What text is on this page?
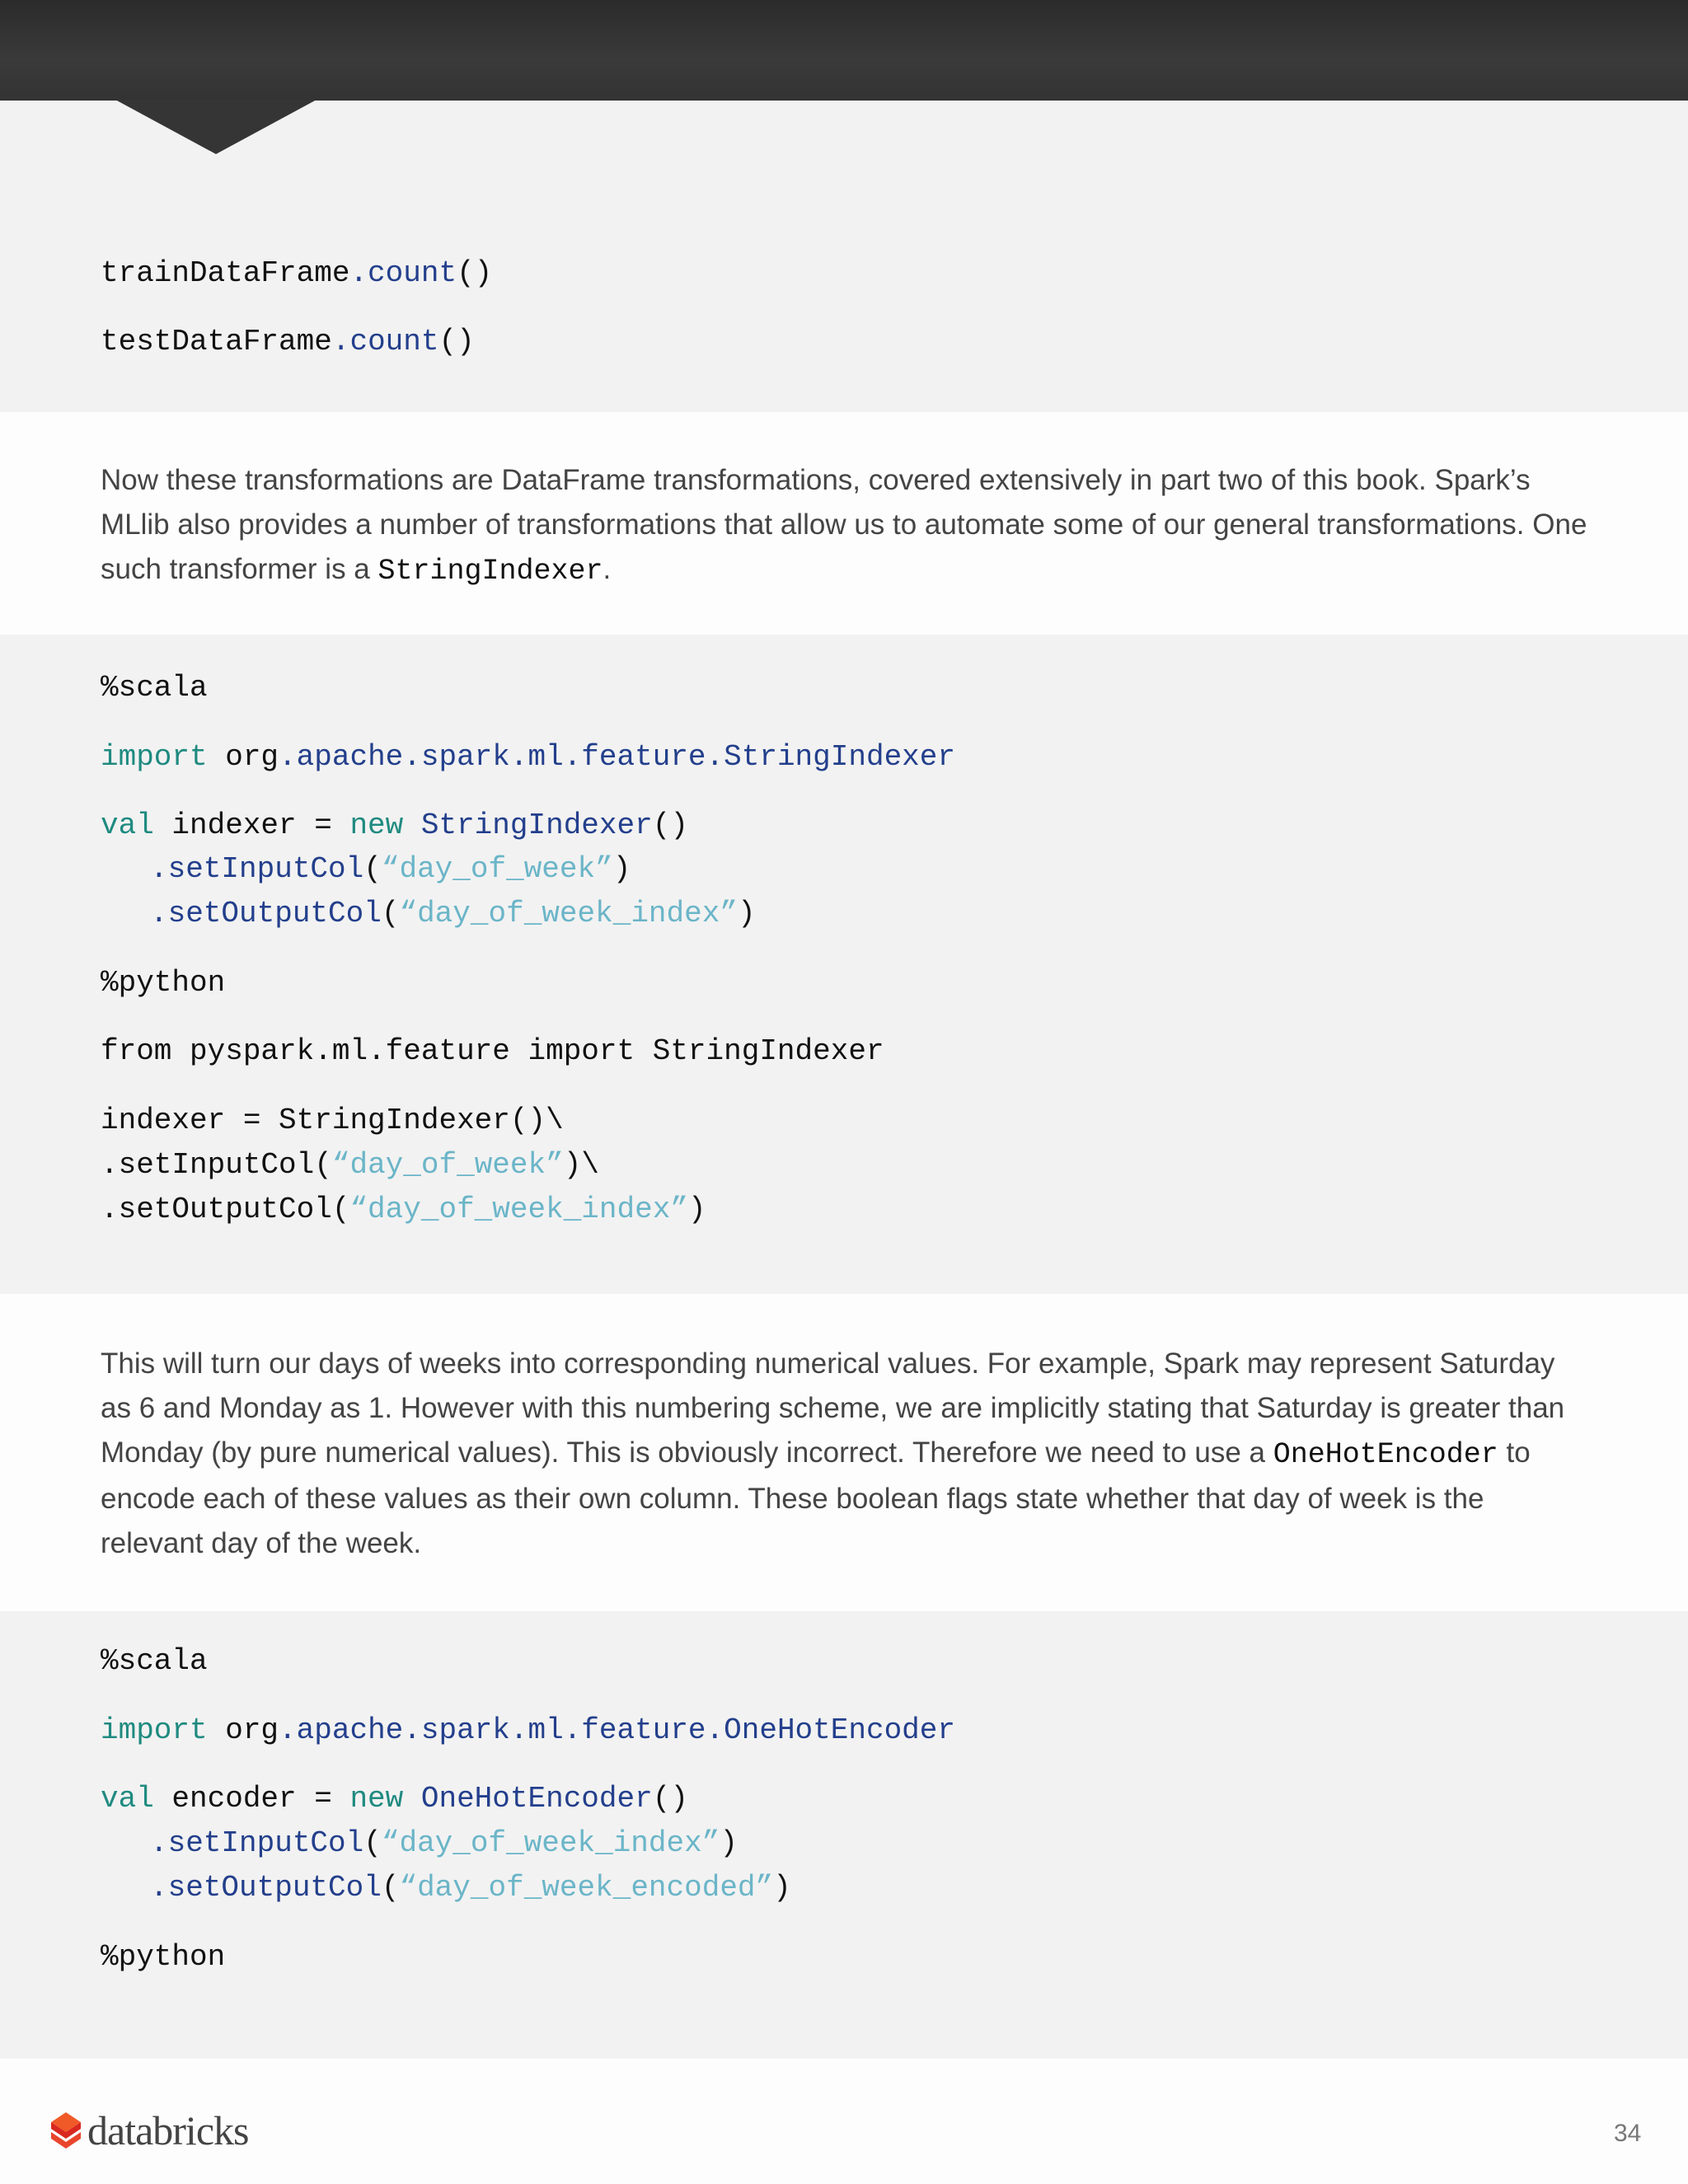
trainDataFrame.count()
testDataFrame.count()
Now these transformations are DataFrame transformations, covered extensively in part two of this book. Spark’s MLlib also provides a number of transformations that allow us to automate some of our general transformations. One such transformer is a StringIndexer.
%scala
import org.apache.spark.ml.feature.StringIndexer
val indexer = new StringIndexer()
.setInputCol(“day_of_week”)
.setOutputCol(“day_of_week_index”)
%python
from pyspark.ml.feature import StringIndexer
indexer = StringIndexer()\
.setInputCol(“day_of_week”)\
.setOutputCol(“day_of_week_index”)
This will turn our days of weeks into corresponding numerical values. For example, Spark may represent Saturday as 6 and Monday as 1. However with this numbering scheme, we are implicitly stating that Saturday is greater than Monday (by pure numerical values). This is obviously incorrect. Therefore we need to use a OneHotEncoder to encode each of these values as their own column. These boolean flags state whether that day of week is the relevant day of the week.
%scala
import org.apache.spark.ml.feature.OneHotEncoder
val encoder = new OneHotEncoder()
.setInputCol(“day_of_week_index”)
.setOutputCol(“day_of_week_encoded”)
%python
databricks	34
